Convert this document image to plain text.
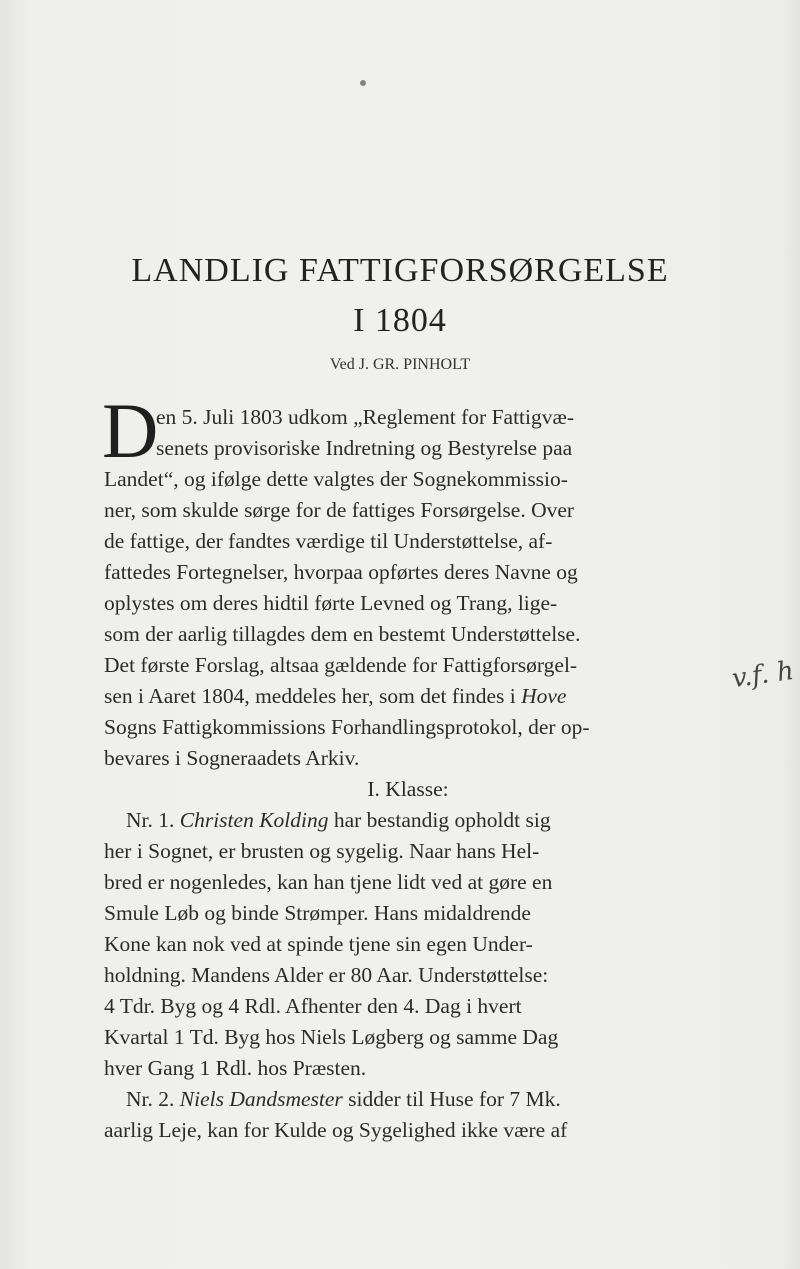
LANDLIG FATTIGFORSØRGELSE
I 1804
Ved J. GR. PINHOLT
D
en 5. Juli 1803 udkom „Reglement for Fattigvæ-
senets provisoriske Indretning og Bestyrelse paa
Landet“, og ifølge dette valgtes der Sognekommissio-
ner, som skulde sørge for de fattiges Forsørgelse. Over
de fattige, der fandtes værdige til Understøttelse, af-
fattedes Fortegnelser, hvorpaa opførtes deres Navne og
oplystes om deres hidtil førte Levned og Trang, lige-
som der aarlig tillagdes dem en bestemt Understøttelse.
Det første Forslag, altsaa gældende for Fattigforsørgel-
sen i Aaret 1804, meddeles her, som det findes i Hove
Sogns Fattigkommissions Forhandlingsprotokol, der op-
bevares i Sogneraadets Arkiv.
I. Klasse:
Nr. 1. Christen Kolding har bestandig opholdt sig
her i Sognet, er brusten og sygelig. Naar hans Hel-
bred er nogenledes, kan han tjene lidt ved at gøre en
Smule Løb og binde Strømper. Hans midaldrende
Kone kan nok ved at spinde tjene sin egen Under-
holdning. Mandens Alder er 80 Aar. Understøttelse:
4 Tdr. Byg og 4 Rdl. Afhenter den 4. Dag i hvert
Kvartal 1 Td. Byg hos Niels Løgberg og samme Dag
hver Gang 1 Rdl. hos Præsten.
Nr. 2. Niels Dandsmester sidder til Huse for 7 Mk.
aarlig Leje, kan for Kulde og Sygelighed ikke være af
v.f. h
